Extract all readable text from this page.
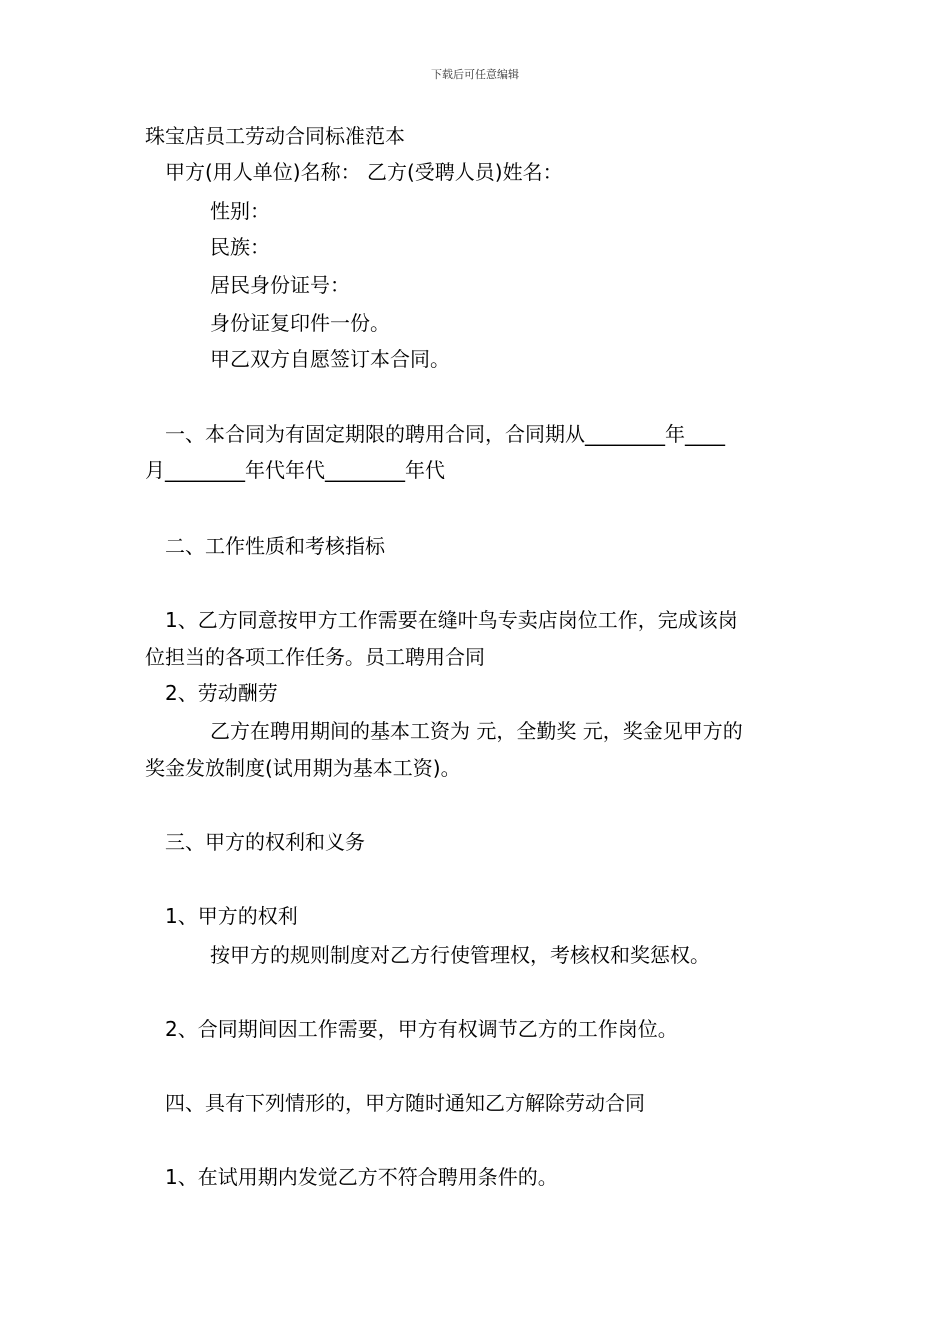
下载后可任意编辑
珠宝店员工劳动合同标准范本
甲方(用人单位)名称： 乙方(受聘人员)姓名：
性别：
民族：
居民身份证号：
身份证复印件一份。
甲乙双方自愿签订本合同。
一、本合同为有固定期限的聘用合同，合同期从________年____
月________年代年代________年代
二、工作性质和考核指标
1、乙方同意按甲方工作需要在缝叶鸟专卖店岗位工作，完成该岗
位担当的各项工作任务。员工聘用合同
2、劳动酬劳
乙方在聘用期间的基本工资为 元，全勤奖 元，奖金见甲方的
奖金发放制度(试用期为基本工资)。
三、甲方的权利和义务
1、甲方的权利
按甲方的规则制度对乙方行使管理权，考核权和奖惩权。
2、合同期间因工作需要，甲方有权调节乙方的工作岗位。
四、具有下列情形的，甲方随时通知乙方解除劳动合同
1、在试用期内发觉乙方不符合聘用条件的。
